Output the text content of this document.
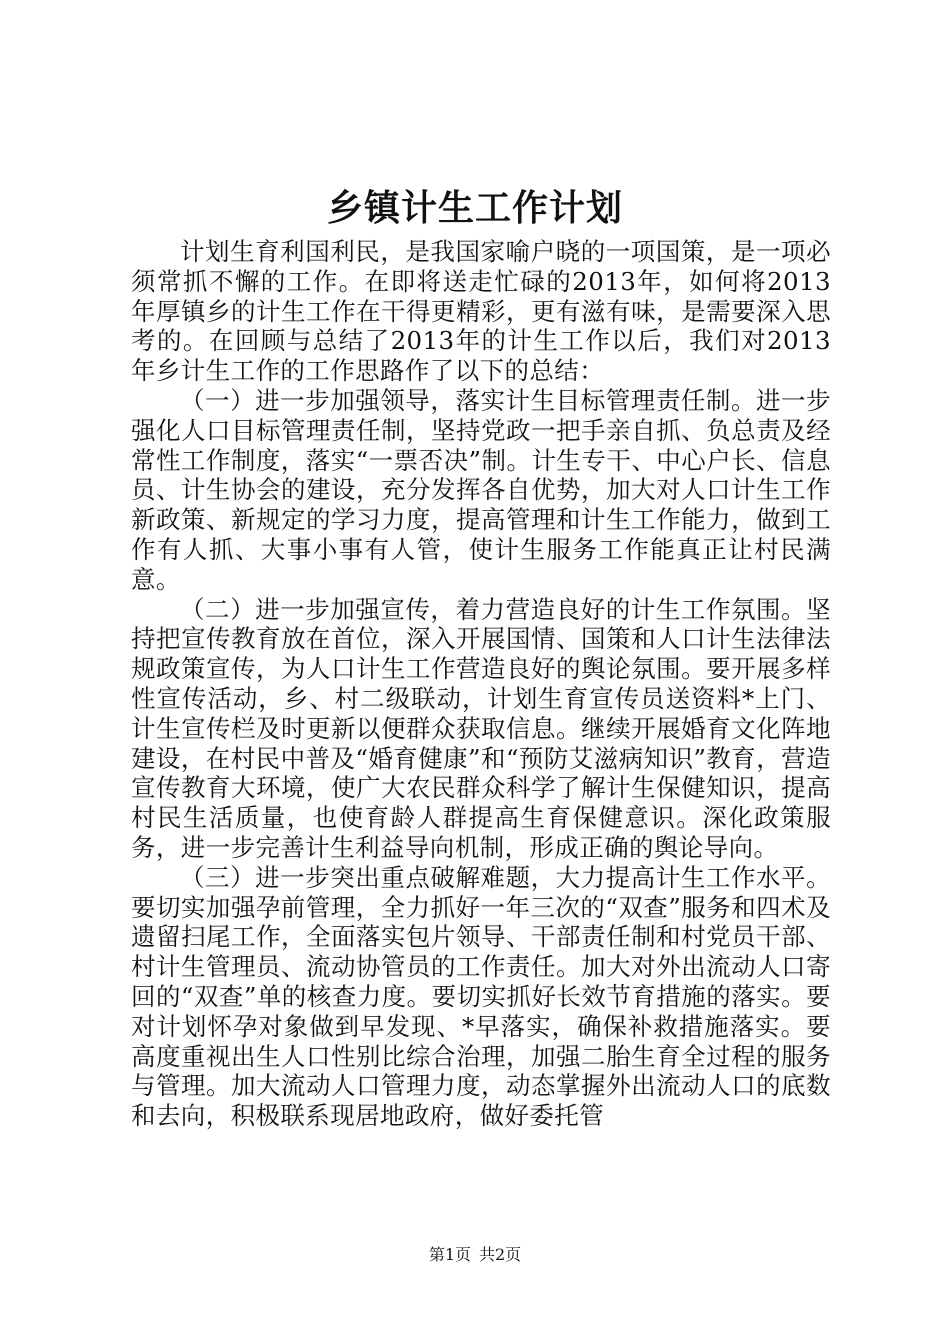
乡镇计生工作计划

计划生育利国利民，是我国家喻户晓的一项国策，是一项必须常抓不懈的工作。在即将送走忙碌的2013年，如何将2013年厚镇乡的计生工作在干得更精彩，更有滋有味，是需要深入思考的。在回顾与总结了2013年的计生工作以后，我们对2013年乡计生工作的工作思路作了以下的总结：

（一）进一步加强领导，落实计生目标管理责任制。进一步强化人口目标管理责任制，坚持党政一把手亲自抓、负总责及经常性工作制度，落实“一票否决”制。计生专干、中心户长、信息员、计生协会的建设，充分发挥各自优势，加大对人口计生工作新政策、新规定的学习力度，提高管理和计生工作能力，做到工作有人抓、大事小事有人管，使计生服务工作能真正让村民满意。

（二）进一步加强宣传，着力营造良好的计生工作氛围。坚持把宣传教育放在首位，深入开展国情、国策和人口计生法律法规政策宣传，为人口计生工作营造良好的舆论氛围。要开展多样性宣传活动，乡、村二级联动，计划生育宣传员送资料*上门、计生宣传栏及时更新以便群众获取信息。继续开展婚育文化阵地建设，在村民中普及“婚育健康”和“预防艾滋病知识”教育，营造宣传教育大环境，使广大农民群众科学了解计生保健知识，提高村民生活质量，也使育龄人群提高生育保健意识。深化政策服务，进一步完善计生利益导向机制，形成正确的舆论导向。

（三）进一步突出重点破解难题，大力提高计生工作水平。要切实加强孕前管理，全力抓好一年三次的“双查”服务和四术及遗留扫尾工作，全面落实包片领导、干部责任制和村党员干部、村计生管理员、流动协管员的工作责任。加大对外出流动人口寄回的“双查”单的核查力度。要切实抓好长效节育措施的落实。要对计划怀孕对象做到早发现、*早落实，确保补救措施落实。要高度重视出生人口性别比综合治理，加强二胎生育全过程的服务与管理。加大流动人口管理力度，动态掌握外出流动人口的底数和去向，积极联系现居地政府，做好委托管

第1页 共2页
